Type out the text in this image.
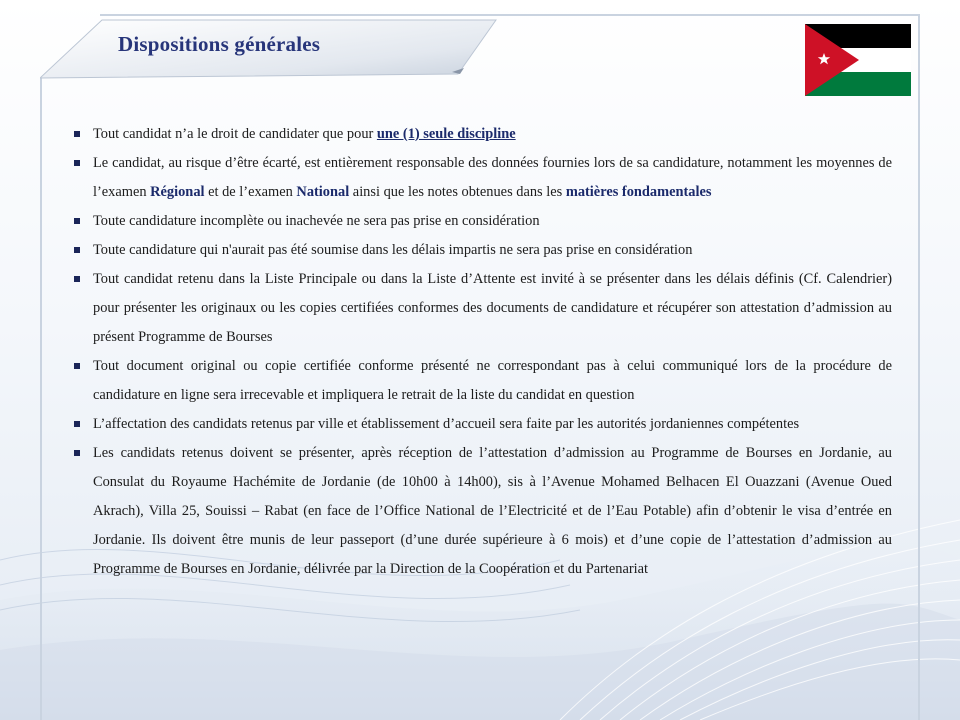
Dispositions générales
Tout candidat n’a le droit de candidater que pour une (1) seule discipline
Le candidat, au risque d’être écarté, est entièrement responsable des données fournies lors de sa candidature, notamment les moyennes de l’examen Régional et de l’examen National ainsi que les notes obtenues dans les matières fondamentales
Toute candidature incomplète ou inachevée ne sera pas prise en considération
Toute candidature qui n'aurait pas été soumise dans les délais impartis ne sera pas prise en considération
Tout candidat retenu dans la Liste Principale ou dans la Liste d’Attente est invité à se présenter dans les délais définis (Cf. Calendrier) pour présenter les originaux ou les copies certifiées conformes des documents de candidature et récupérer son attestation d’admission au présent Programme de Bourses
Tout document original ou copie certifiée conforme présenté ne correspondant pas à celui communiqué lors de la procédure de candidature en ligne sera irrecevable et impliquera le retrait de la liste du candidat en question
L’affectation des candidats retenus par ville et établissement d’accueil sera faite par les autorités jordaniennes compétentes
Les candidats retenus doivent se présenter, après réception de l’attestation d’admission au Programme de Bourses en Jordanie, au Consulat du Royaume Hachémite de Jordanie (de 10h00 à 14h00), sis à l’Avenue Mohamed Belhacen El Ouazzani (Avenue Oued Akrach), Villa 25, Souissi – Rabat (en face de l’Office National de l’Electricité et de l’Eau Potable) afin d’obtenir le visa d’entrée en Jordanie. Ils doivent être munis de leur passeport (d’une durée supérieure à 6 mois) et d’une copie de l’attestation d’admission au Programme de Bourses en Jordanie, délivrée par la Direction de la Coopération et du Partenariat
